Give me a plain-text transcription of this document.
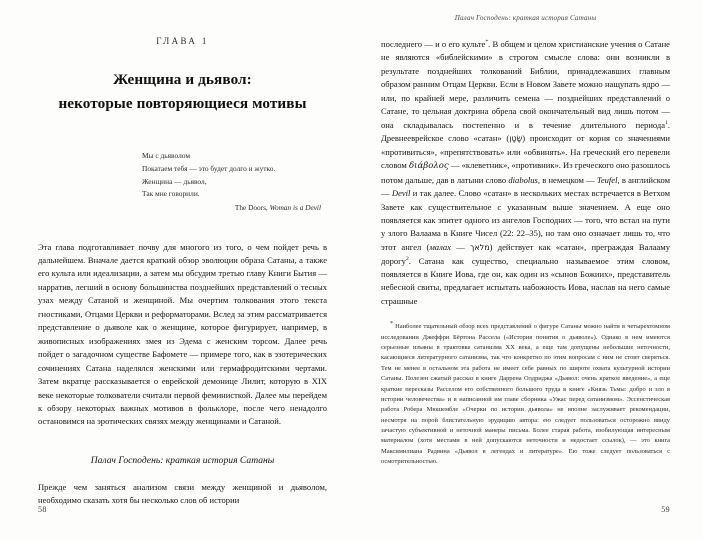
ГЛАВА 1
Женщина и дьявол:
некоторые повторяющиеся мотивы
Мы с дьяволом
Покатаем тебя — это будет долго и жутко.
Женщина — дьявол,
Так мне говорили.
The Doors, Woman is a Devil

Эта глава подготавливает почву для многого из того, о чем пойдет речь в дальнейшем. Вначале дается краткий обзор эволюции образа Сатаны, а также его культа или идеализации, а затем мы обсудим третью главу Книги Бытия — нарратив, легший в основу большинства позднейших представлений о тесных узах между Сатаной и женщиной. Мы очертим толкования этого текста гностиками, Отцами Церкви и реформаторами. Вслед за этим рассматривается представление о дьяволе как о женщине, которое фигурирует, например, в живописных изображениях змея из Эдема с женским торсом. Далее речь пойдет о загадочном существе Бафомете — примере того, как в эзотерических сочинениях Сатана наделялся женскими или гермафродитскими чертами. Затем вкратце рассказывается о еврейской демонице Лилит, которую в XIX веке некоторые толкователи считали первой феминисткой. Далее мы перейдем к обзору некоторых важных мотивов в фольклоре, после чего ненадолго остановимся на эротических связях между женщинами и Сатаной.

Палач Господень: краткая история Сатаны

Прежде чем заняться анализом связи между женщиной и дьяволом, необходимо сказать хотя бы несколько слов об истории

58
Палач Господень: краткая история Сатаны

последнего — и о его культе*. В общем и целом христианские учения о Сатане не являются «библейскими» в строгом смысле слова: они возникли в результате позднейших толкований Библии, принадлежавших главным образом ранним Отцам Церкви. Если в Новом Завете можно нащупать ядро — или, по крайней мере, различить семена — позднейших представлений о Сатане, то цельная доктрина обрела свой окончательный вид лишь потом — она складывалась постепенно и в течение длительного периода$^1$. Древнееврейское слово «сатан» (שָׂטָן) происходит от корня со значениями «противиться», «препятствовать» или «обвинять». На греческий его перевели словом διάβολος — «клеветник», «противник». Из греческого оно разошлось потом дальше, дав в латыни слово diabolus, в немецком — Teufel, в английском — Devil и так далее. Слово «сатан» в нескольких местах встречается в Ветхом Завете как существительное с указанным выше значением. А еще оно появляется как эпитет одного из ангелов Господних — того, что встал на пути у злого Валаама в Книге Чисел (22: 22–35), но там оно означает лишь то, что этот ангел (малах — מלאך) действует как «сатан», преграждая Валааму дорогу$^2$. Сатана как существо, специально называемое этим словом, появляется в Книге Иова, где он, как один из «сынов Божиих», представитель небесной свиты, предлагает испытать набожность Иова, наслав на него самые страшные

* Наиболее тщательный обзор всех представлений о фигуре Сатаны можно найти в четырехтомном исследовании Джеффри Бёртона Рассела («История понятия о дьяволе»). Однако в нем имеются серьезные изъяны в трактовке сатанизма XX века, а еще там допущены небольшие неточности, касающиеся литературного сатанизма, так что конкретно по этим вопросам с ним не стоит сверяться. Тем не менее в остальном эта работа не имеет себе равных по широте охвата культурной истории Сатаны. Полезен сжатый рассказ в книге Даррена Олдриджа «Дьявол: очень краткое введение», а еще краткие пересказы Расселом его собственного большого труда в книге «Князь Тьмы: добро и зло в истории человечества» и в написанной им главе сборника «Ужас перед сатанизмом». Эссенстическая работа Робера Мюшембле «Очерки по истории дьявола» не вполне заслуживает рекомендации, несмотря на порой блистательную эрудицию автора: ею следует пользоваться осторожно ввиду зачастую субъективной и неточной манеры письма. Более старая работа, изобилующая интересным материалом (хотя местами в ней допускаются неточности и недостает ссылок), — это книга Максимилиана Радвина «Дьявол в легендах и литературе». Ею тоже следует пользоваться с осмотрительностью.

59
